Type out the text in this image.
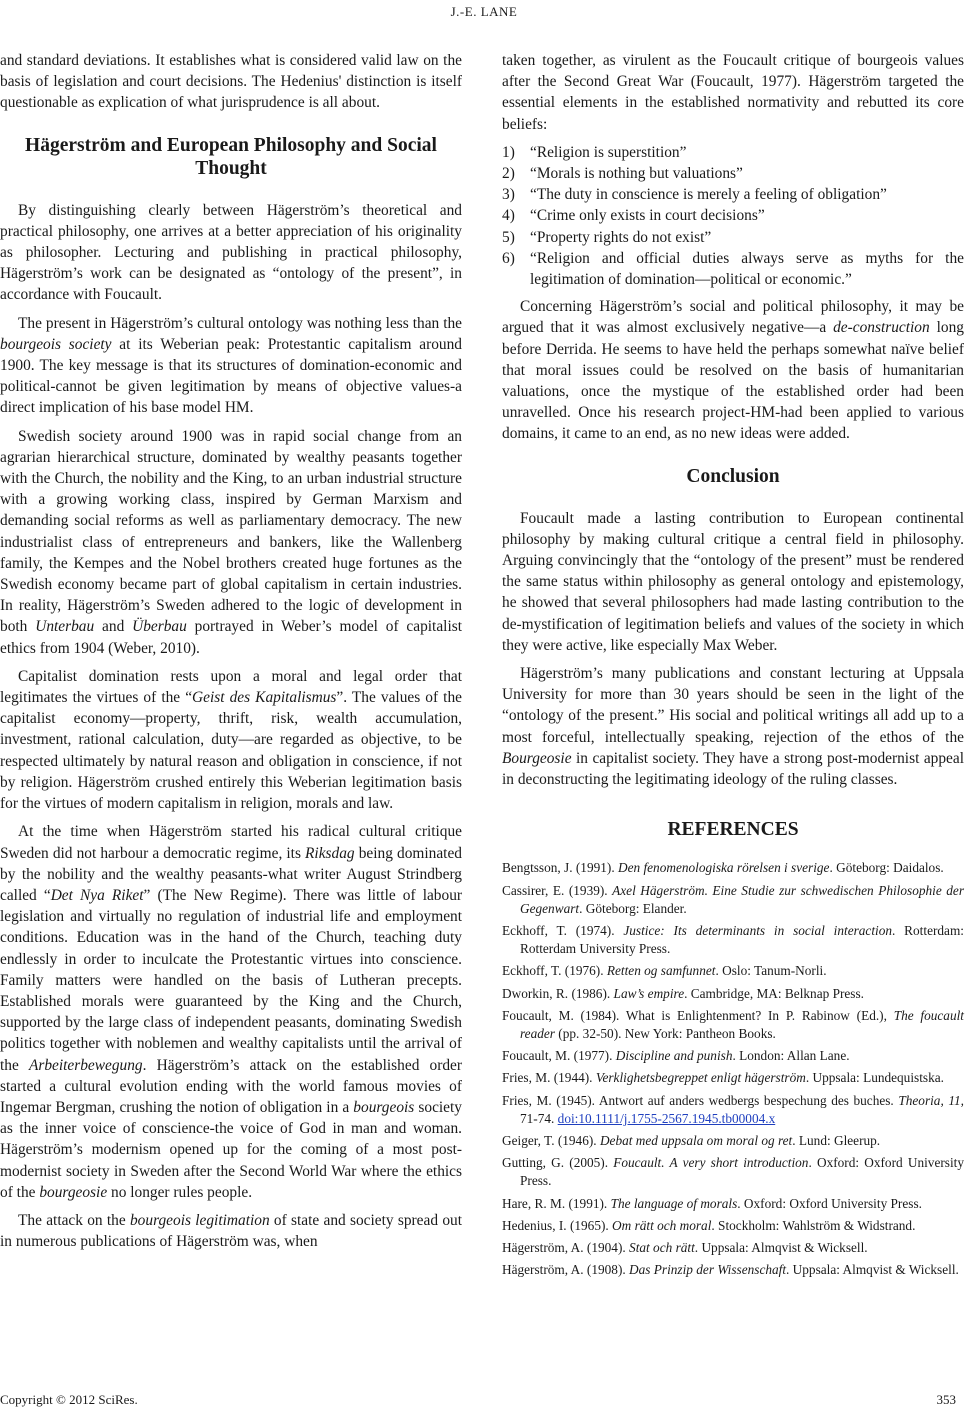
J.-E. LANE

and standard deviations. It establishes what is considered valid law on the basis of legislation and court decisions. The Hedenius' distinction is itself questionable as explication of what jurisprudence is all about.

Hägerström and European Philosophy and Social Thought

By distinguishing clearly between Hägerström’s theoretical and practical philosophy, one arrives at a better appreciation of his originality as philosopher. Lecturing and publishing in practical philosophy, Hägerström’s work can be designated as “ontology of the present”, in accordance with Foucault.

The present in Hägerström’s cultural ontology was nothing less than the bourgeois society at its Weberian peak: Protestantic capitalism around 1900. The key message is that its structures of domination-economic and political-cannot be given legitimation by means of objective values-a direct implication of his base model HM.

Swedish society around 1900 was in rapid social change from an agrarian hierarchical structure, dominated by wealthy peasants together with the Church, the nobility and the King, to an urban industrial structure with a growing working class, inspired by German Marxism and demanding social reforms as well as parliamentary democracy. The new industrialist class of entrepreneurs and bankers, like the Wallenberg family, the Kempes and the Nobel brothers created huge fortunes as the Swedish economy became part of global capitalism in certain industries. In reality, Hägerström’s Sweden adhered to the logic of development in both Unterbau and Überbau portrayed in Weber’s model of capitalist ethics from 1904 (Weber, 2010).

Capitalist domination rests upon a moral and legal order that legitimates the virtues of the “Geist des Kapitalismus”. The values of the capitalist economy—property, thrift, risk, wealth accumulation, investment, rational calculation, duty—are regarded as objective, to be respected ultimately by natural reason and obligation in conscience, if not by religion. Hägerström crushed entirely this Weberian legitimation basis for the virtues of modern capitalism in religion, morals and law.

At the time when Hägerström started his radical cultural critique Sweden did not harbour a democratic regime, its Riksdag being dominated by the nobility and the wealthy peasants-what writer August Strindberg called “Det Nya Riket” (The New Regime). There was little of labour legislation and virtually no regulation of industrial life and employment conditions. Education was in the hand of the Church, teaching duty endlessly in order to inculcate the Protestantic virtues into conscience. Family matters were handled on the basis of Lutheran precepts. Established morals were guaranteed by the King and the Church, supported by the large class of independent peasants, dominating Swedish politics together with noblemen and wealthy capitalists until the arrival of the Arbeiterbewegung. Hägerström’s attack on the established order started a cultural evolution ending with the world famous movies of Ingemar Bergman, crushing the notion of obligation in a bourgeois society as the inner voice of conscience-the voice of God in man and woman. Hägerström’s modernism opened up for the coming of a most post-modernist society in Sweden after the Second World War where the ethics of the bourgeosie no longer rules people.

The attack on the bourgeois legitimation of state and society spread out in numerous publications of Hägerström was, when

taken together, as virulent as the Foucault critique of bourgeois values after the Second Great War (Foucault, 1977). Hägerström targeted the essential elements in the established normativity and rebutted its core beliefs:

1) “Religion is superstition”
2) “Morals is nothing but valuations”
3) “The duty in conscience is merely a feeling of obligation”
4) “Crime only exists in court decisions”
5) “Property rights do not exist”
6) “Religion and official duties always serve as myths for the legitimation of domination—political or economic.”

Concerning Hägerström’s social and political philosophy, it may be argued that it was almost exclusively negative—a de-construction long before Derrida. He seems to have held the perhaps somewhat naïve belief that moral issues could be resolved on the basis of humanitarian valuations, once the mystique of the established order had been unravelled. Once his research project-HM-had been applied to various domains, it came to an end, as no new ideas were added.

Conclusion

Foucault made a lasting contribution to European continental philosophy by making cultural critique a central field in philosophy. Arguing convincingly that the “ontology of the present” must be rendered the same status within philosophy as general ontology and epistemology, he showed that several philosophers had made lasting contribution to the de-mystification of legitimation beliefs and values of the society in which they were active, like especially Max Weber.

Hägerström’s many publications and constant lecturing at Uppsala University for more than 30 years should be seen in the light of the “ontology of the present.” His social and political writings all add up to a most forceful, intellectually speaking, rejection of the ethos of the Bourgeosie in capitalist society. They have a strong post-modernist appeal in deconstructing the legitimating ideology of the ruling classes.

REFERENCES
Bengtsson, J. (1991). Den fenomenologiska rörelsen i sverige. Göteborg: Daidalos.
Cassirer, E. (1939). Axel Hägerström. Eine Studie zur schwedischen Philosophie der Gegenwart. Göteborg: Elander.
Eckhoff, T. (1974). Justice: Its determinants in social interaction. Rotterdam: Rotterdam University Press.
Eckhoff, T. (1976). Retten og samfunnet. Oslo: Tanum-Norli.
Dworkin, R. (1986). Law’s empire. Cambridge, MA: Belknap Press.
Foucault, M. (1984). What is Enlightenment? In P. Rabinow (Ed.), The foucault reader (pp. 32-50). New York: Pantheon Books.
Foucault, M. (1977). Discipline and punish. London: Allan Lane.
Fries, M. (1944). Verklighetsbegreppet enligt hägerström. Uppsala: Lundequistska.
Fries, M. (1945). Antwort auf anders wedbergs bespechung des buches. Theoria, 11, 71-74. doi:10.1111/j.1755-2567.1945.tb00004.x
Geiger, T. (1946). Debat med uppsala om moral og ret. Lund: Gleerup.
Gutting, G. (2005). Foucault. A very short introduction. Oxford: Oxford University Press.
Hare, R. M. (1991). The language of morals. Oxford: Oxford University Press.
Hedenius, I. (1965). Om rätt och moral. Stockholm: Wahlström & Widstrand.
Hägerström, A. (1904). Stat och rätt. Uppsala: Almqvist & Wicksell.
Hägerström, A. (1908). Das Prinzip der Wissenschaft. Uppsala: Almqvist & Wicksell.
Copyright © 2012 SciRes.	353
